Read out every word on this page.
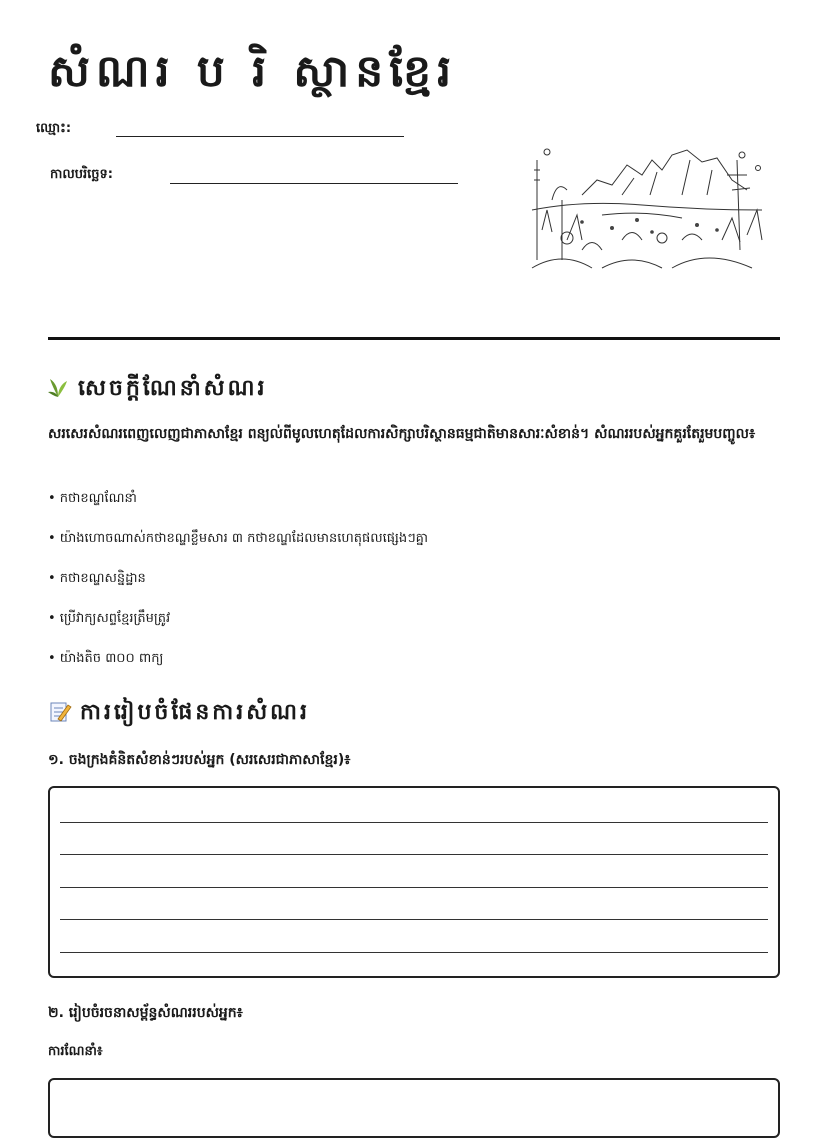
សំណរ ប រិ ស្ថានខ្មែរ
ឈ្មោះ:
កាលបរិច្ឆេទ:
សេចក្តីណែនាំសំណរ
សរសេរសំណរពេញលេញជាភាសាខ្មែរ ពន្យល់ពីមូលហេតុដែលការសិក្សាបរិស្ថានធម្មជាតិមានសារៈសំខាន់។ សំណររបស់អ្នកគួរតែរួមបញ្ចូល៖
• កថាខណ្ឌណែនាំ
• យ៉ាងហោចណាស់កថាខណ្ឌខ្លឹមសារ ៣ កថាខណ្ឌដែលមានហេតុផលផ្សេងៗគ្នា
• កថាខណ្ឌសន្និដ្ឋាន
• ប្រើវាក្យសព្ទខ្មែរត្រឹមត្រូវ
• យ៉ាងតិច ៣០០ ពាក្យ
ការរៀបចំផែនការសំណរ
១. ចងក្រងគំនិតសំខាន់ៗរបស់អ្នក (សរសេរជាភាសាខ្មែរ)៖
២. រៀបចំរចនាសម្ព័ន្ធសំណររបស់អ្នក៖
ការណែនាំ៖
